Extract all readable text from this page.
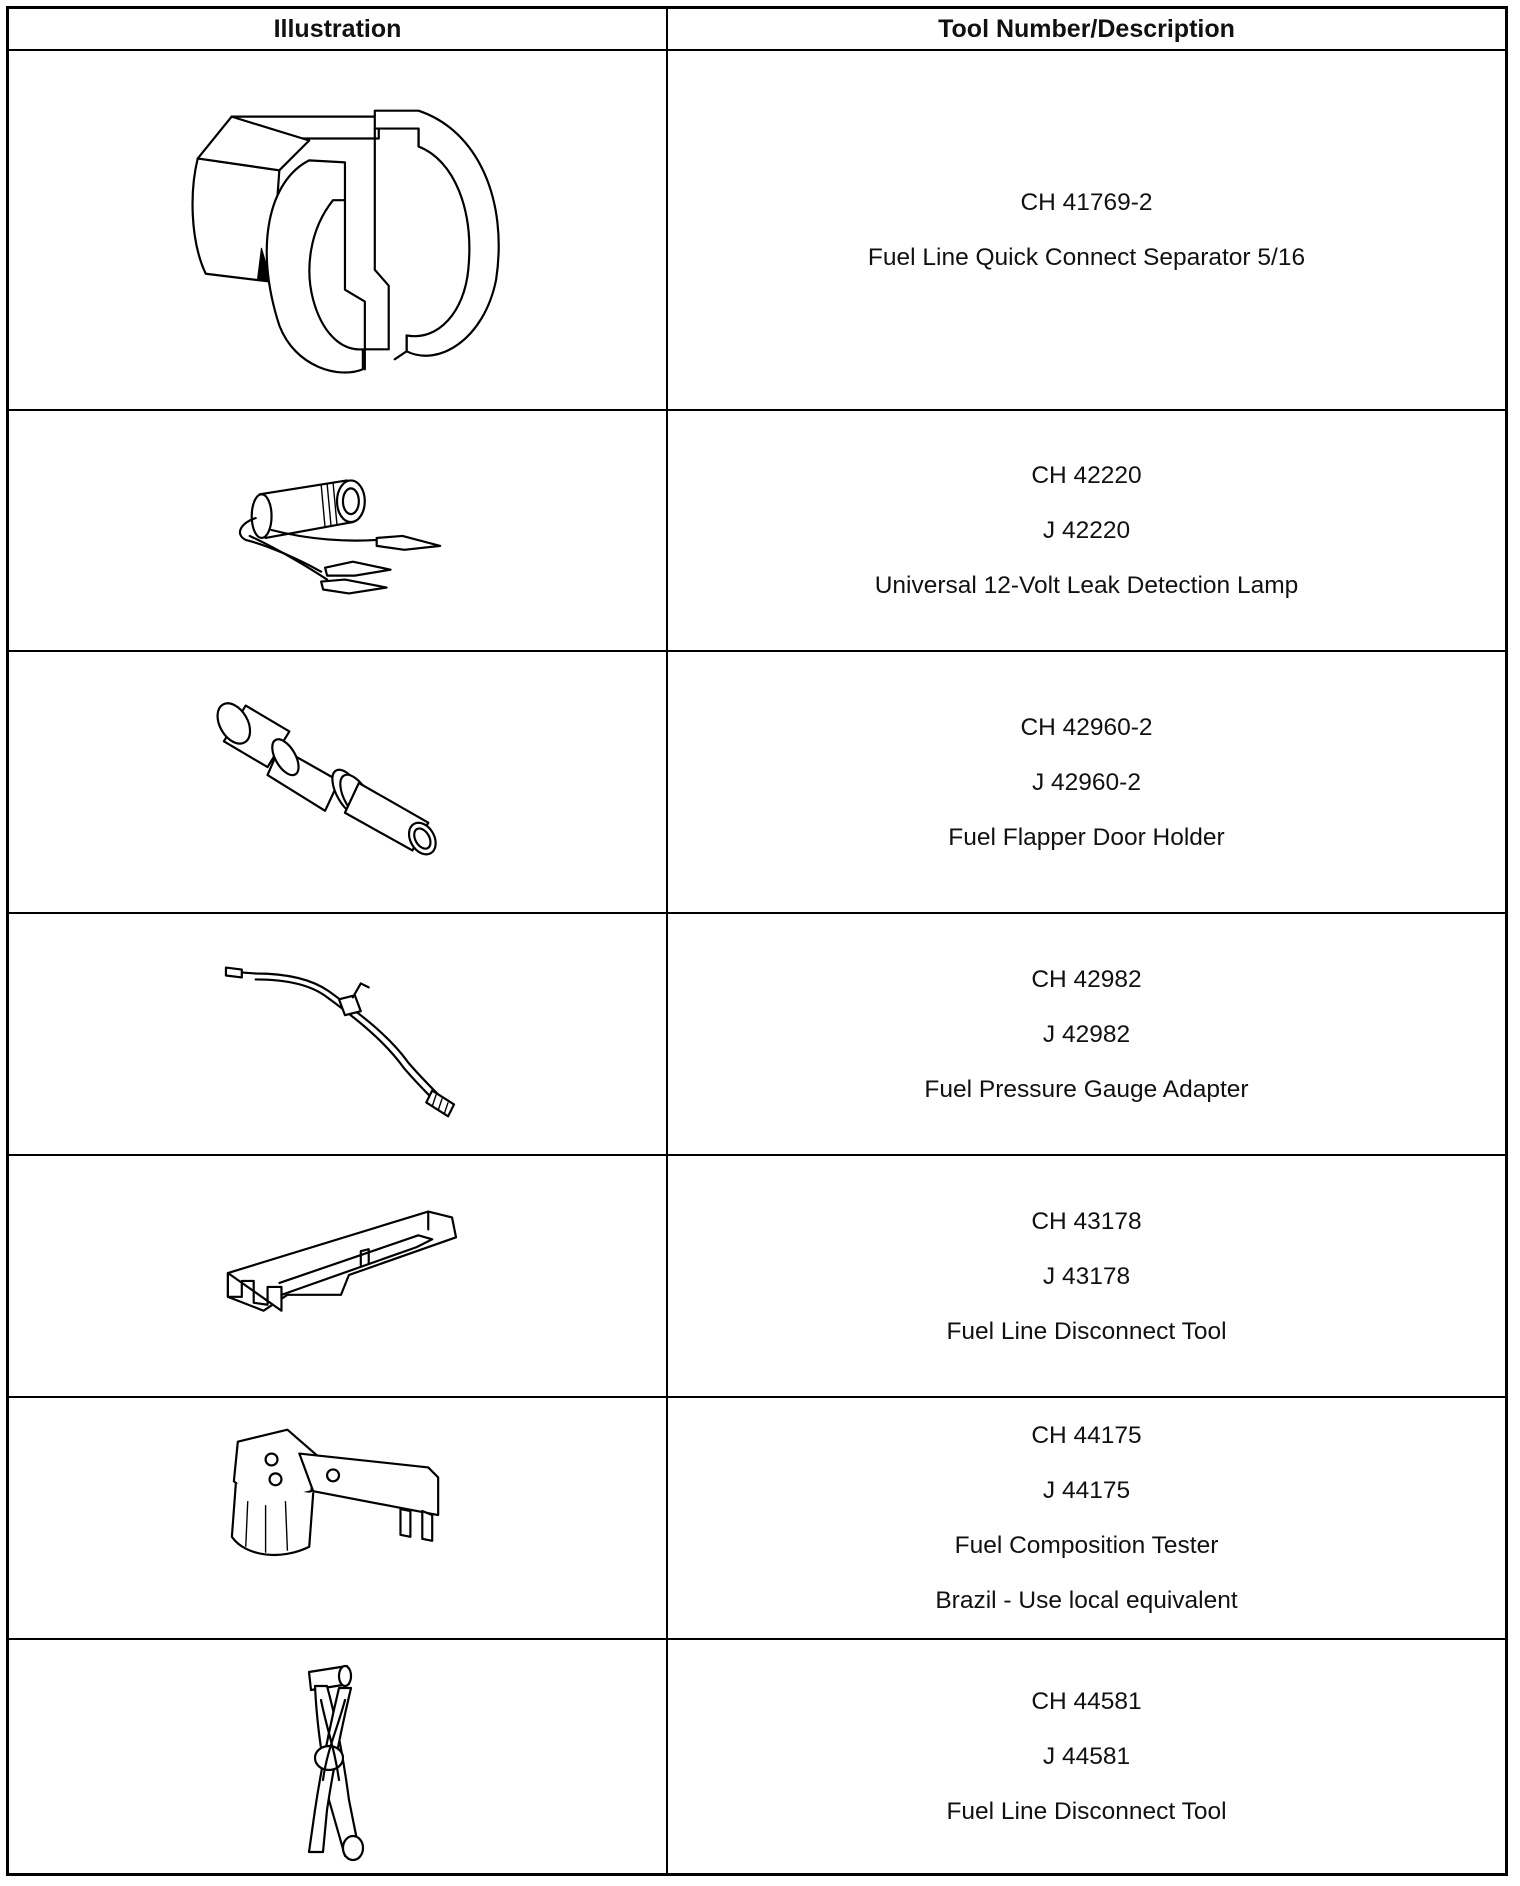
Illustration	Tool Number/Description
CH 41769-2
Fuel Line Quick Connect Separator 5/16
CH 42220
J 42220
Universal 12-Volt Leak Detection Lamp
CH 42960-2
J 42960-2
Fuel Flapper Door Holder
CH 42982
J 42982
Fuel Pressure Gauge Adapter
CH 43178
J 43178
Fuel Line Disconnect Tool
CH 44175
J 44175
Fuel Composition Tester
Brazil - Use local equivalent
CH 44581
J 44581
Fuel Line Disconnect Tool
